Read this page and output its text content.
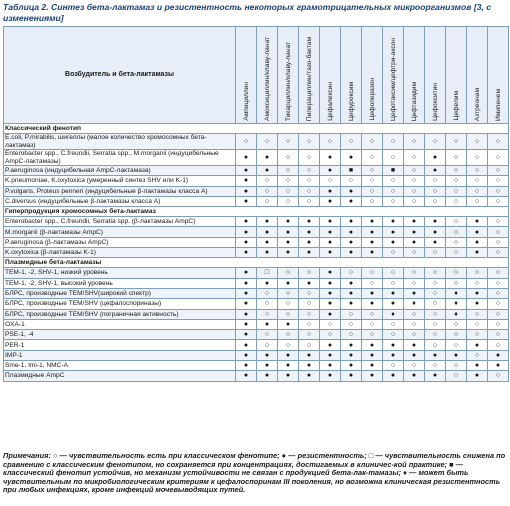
Таблица 2. Синтез бета-лактамаз и резистентность некоторых грамотрицательных микроорганизмов [3, с изменениями]
Возбудитель и бета-лактамазы	Ампициллин	Амоксициллин/клаву-ланат	Тикарциллин/клаву-ланат	Пиперациллин/тазо-бактам	Цефалексин	Цефуроксим	Цефоперазон	Цефотаксим/цефтри-аксон	Цефтазидим	Цефокситин	Цефепим	Азтреонам	Имипенем
Классический фенотип													
E.coli, P.mirabilis, шигеллы (малое количество хромосомных бета-лактамаз)	○	○	○	○	○	○	○	○	○	○	○	○	○
Enterobacter spp., C.freundii, Serratia spp., M.morganii (индуцибельные AmpC-лактамазы)	●	●	○	○	●	●	○	○	○	●	○	○	○
P.aeruginosa (индуцибельная AmpC-лактамаза)	●	●	○	○	●	■	○	■	○	●	○	○	○
K.pneumoniae, K.oxytoxica (умеренный синтез SHV или K-1)	●	○	○	○	○	○	○	○	○	○	○	○	○
P.vulgaris, Proteus penneri (индуцибельные β-лактамазы класса A)	●	○	○	○	●	●	○	○	○	○	○	○	○
C.diversus (индуцибельные β-лактамазы класса A)	●	○	○	○	●	●	○	○	○	○	○	○	○
Гиперпродукция хромосомных бета-лактамаз													
Enterobacter spp., C.freundii, Serratia spp. (β-лактамазы AmpC)	●	●	●	●	●	●	●	●	●	●	○	●	○
M.morganii (β-лактамазы AmpC)	●	●	●	●	●	●	●	●	●	●	○	●	○
P.aeruginosa (β-лактамазы AmpC)	●	●	●	●	●	●	●	●	●	●	○	●	○
K.oxytoxica (β-лактамазы K-1)	●	●	●	●	●	●	●	○	○	○	○	●	○
Плазмидные бета-лактамазы													
TEM-1, -2, SHV-1, низкий уровень	●	□	○	○	●	○	○	○	○	○	○	○	○
TEM-1, -2, SHV-1, высокий уровень	●	●	●	●	●	●	○	○	○	○	○	○	○
БЛРС, производные TEM/SHV(широкий спектр)	●	○	○	○	●	●	●	●	●	○	♦	●	○
БЛРС, производные TEM/SHV (цефалоспориназы)	●	○	○	○	●	●	●	●	♦	○	♦	●	○
БЛРС, производные TEM/SHV (пограничная активность)	●	○	○	○	●	○	○	♦	○	○	♦	○	○
OXA-1	●	●	●	○	○	○	○	○	○	○	○	○	○
PSE-1, -4	●	○	○	○	○	○	○	○	○	○	○	○	○
PER-1	●	○	○	○	●	●	●	●	●	○	○	●	○
IMP-1	●	●	●	●	●	●	●	●	●	●	●	○	●
Sme-1, Imi-1, NMC-A	●	●	●	●	●	●	●	○	○	○	○	●	●
Плазмидные AmpC	●	●	●	●	●	●	●	●	●	●	○	●	○
Примечания: ○ — чувствительность есть при классическом фенотипе; ● — резистентность; □ — чувствительность снижена по сравнению с классическим фенотипом, но сохраняется при концентрациях, достигаемых в клиничес-кой практике; ■ — классический фенотип устойчив, но механизм устойчивости не связан с продукцией бета-лак-тамазы; ♦ — может быть чувствительным по микробиологическим критериям к цефалоспоринам III поколения, но возможна клиническая резистентность при любых инфекциях, кроме инфекций мочевыводящих путей.
